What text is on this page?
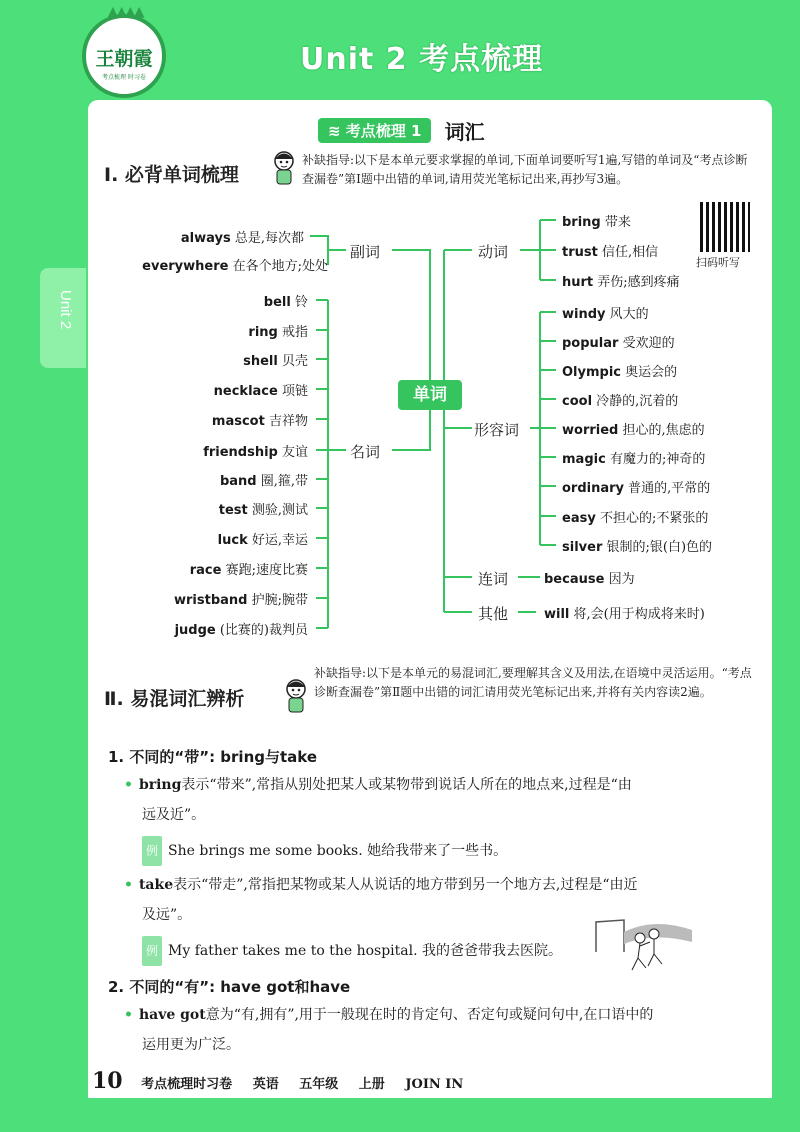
Unit 2
▲▲▲▲
王朝霞
考点梳理 时习卷
Unit 2 考点梳理
≋ 考点梳理 1 词汇
Ⅰ. 必背单词梳理
补缺指导:以下是本单元要求掌握的单词,下面单词要听写1遍,写错的单词及“考点诊断查漏卷”第Ⅰ题中出错的单词,请用荧光笔标记出来,再抄写3遍。
单词
副词
名词
动词
形容词
连词
其他
always 总是,每次都
everywhere 在各个地方;处处
bell 铃
ring 戒指
shell 贝壳
necklace 项链
mascot 吉祥物
friendship 友谊
band 圈,箍,带
test 测验,测试
luck 好运,幸运
race 赛跑;速度比赛
wristband 护腕;腕带
judge (比赛的)裁判员
bring 带来
trust 信任,相信
hurt 弄伤;感到疼痛
扫码听写
windy 风大的
popular 受欢迎的
Olympic 奥运会的
cool 冷静的,沉着的
worried 担心的,焦虑的
magic 有魔力的;神奇的
ordinary 普通的,平常的
easy 不担心的;不紧张的
silver 银制的;银(白)色的
because 因为
will 将,会(用于构成将来时)
Ⅱ. 易混词汇辨析
补缺指导:以下是本单元的易混词汇,要理解其含义及用法,在语境中灵活运用。“考点诊断查漏卷”第Ⅱ题中出错的词汇请用荧光笔标记出来,并将有关内容读2遍。
1. 不同的“带”: bring与take
• bring表示“带来”,常指从别处把某人或某物带到说话人所在的地点来,过程是“由
远及近”。
例 She brings me some books. 她给我带来了一些书。
• take表示“带走”,常指把某物或某人从说话的地方带到另一个地方去,过程是“由近
及远”。
例 My father takes me to the hospital. 我的爸爸带我去医院。
2. 不同的“有”: have got和have
• have got意为“有,拥有”,用于一般现在时的肯定句、否定句或疑问句中,在口语中的
运用更为广泛。
10 考点梳理时习卷 英语 五年级 上册 JOIN IN
